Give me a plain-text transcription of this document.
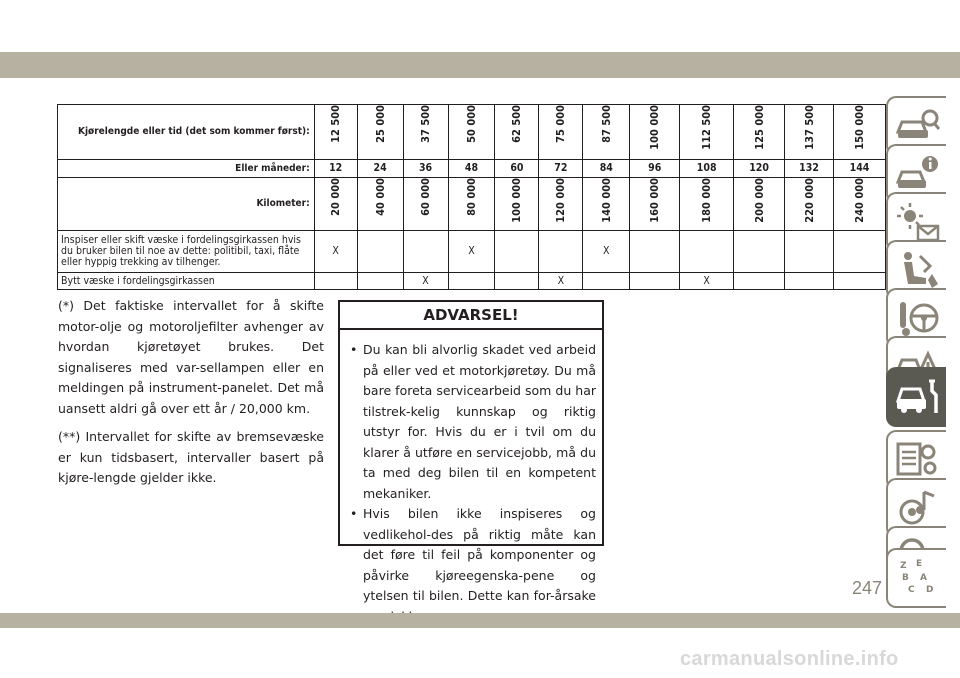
Kjørelengde eller tid (det som kommer først):	12 500	25 000	37 500	50 000	62 500	75 000	87 500	100 000	112 500	125 000	137 500	150 000
Eller måneder:	12	24	36	48	60	72	84	96	108	120	132	144
Kilometer:	20 000	40 000	60 000	80 000	100 000	120 000	140 000	160 000	180 000	200 000	220 000	240 000
Inspiser eller skift væske i fordelingsgirkassen hvis du bruker bilen til noe av dette: politibil, taxi, flåte eller hyppig trekking av tilhenger.	X			X			X					
Bytt væske i fordelingsgirkassen			X			X			X			

(*) Det faktiske intervallet for å skifte motor-olje og motoroljefilter avhenger av hvordan kjøretøyet brukes. Det signaliseres med var-sellampen eller en meldingen på instrument-panelet. Det må uansett aldri gå over ett år / 20,000 km.

(**) Intervallet for skifte av bremsevæske er kun tidsbasert, intervaller basert på kjøre-lengde gjelder ikke.

ADVARSEL!
• Du kan bli alvorlig skadet ved arbeid på eller ved et motorkjøretøy. Du må bare foreta servicearbeid som du har tilstrek-kelig kunnskap og riktig utstyr for. Hvis du er i tvil om du klarer å utføre en servicejobb, må du ta med deg bilen til en kompetent mekaniker.
• Hvis bilen ikke inspiseres og vedlikehol-des på riktig måte kan det føre til feil på komponenter og påvirke kjøreegenska-pene og ytelsen til bilen. Dette kan for-årsake
Z E
B A
C D
247
carmanualsonline.info
